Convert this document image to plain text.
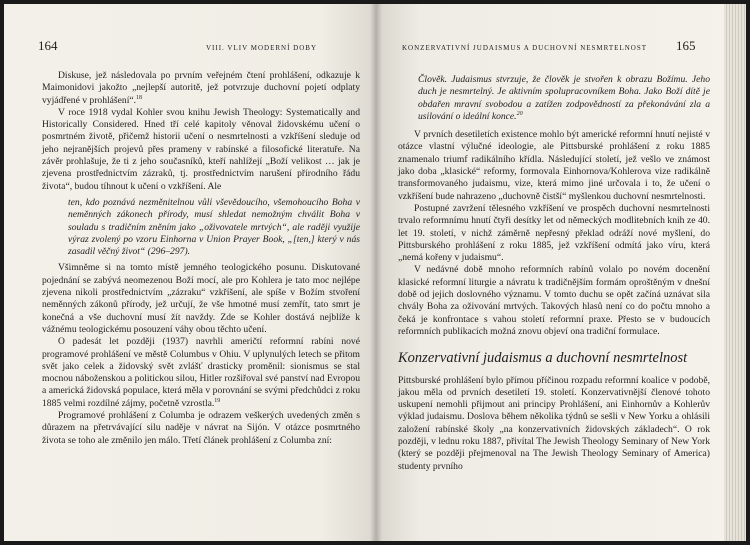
164	VIII. VLIV MODERNÍ DOBY

Diskuse, jež následovala po prvním veřejném čtení prohlášení, odkazuje k Maimonidovi jakožto „nejlepší autoritě, jež potvrzuje duchovní pojetí odplaty vyjádřené v prohlášení“.$^{18}$

V roce 1918 vydal Kohler svou knihu Jewish Theology: Systematically and Historically Considered. Hned tří celé kapitoly věnoval židovskému učení o posmrtném životě, přičemž historii učení o nesmrtelnosti a vzkříšení sleduje od jeho nejranějších projevů přes prameny v rabínské a filosofické literatuře. Na závěr prohlašuje, že ti z jeho současníků, kteří nahlížejí „Boží velikost … jak je zjevena prostřednictvím zázraků, tj. prostřednictvím narušení přírodního řádu života“, budou tíhnout k učení o vzkříšení. Ale

ten, kdo poznává nezměnitelnou vůli vševědoucího, všemohoucího Boha v neměnných zákonech přírody, musí shledat nemožným chválit Boha v souladu s tradičním zněním jako „oživovatele mrtvých“, ale raději využije výraz zvolený po vzoru Einhorna v Union Prayer Book, „[ten,] který v nás zasadil věčný život“ (296–297).

Všimněme si na tomto místě jemného teologického posunu. Diskutované pojednání se zabývá neomezenou Boží mocí, ale pro Kohlera je tato moc nejlépe zjevena nikoli prostřednictvím „zázraku“ vzkříšení, ale spíše v Božím stvoření neměnných zákonů přírody, jež určují, že vše hmotné musí zemřít, tato smrt je konečná a vše duchovní musí žít navždy. Zde se Kohler dostává nejblíže k vážnému teologickému posouzení váhy obou těchto učení.

O padesát let později (1937) navrhli američtí reformní rabíni nové programové prohlášení ve městě Columbus v Ohiu. V uplynulých letech se přitom svět jako celek a židovský svět zvlášť drasticky proměnil: sionismus se stal mocnou náboženskou a politickou silou, Hitler rozšiřoval své panství nad Evropou a americká židovská populace, která měla v porovnání se svými předchůdci z roku 1885 velmi rozdílné zájmy, početně vzrostla.$^{19}$

Programové prohlášení z Columba je odrazem veškerých uvedených změn s důrazem na přetrvávající silu naděje v návrat na Sijón. V otázce posmrtného života se toho ale změnilo jen málo. Třetí článek prohlášení z Columba zní:

KONZERVATIVNÍ JUDAISMUS A DUCHOVNÍ NESMRTELNOST 165

Člověk. Judaismus stvrzuje, že člověk je stvořen k obrazu Božímu. Jeho duch je nesmrtelný. Je aktivním spolupracovníkem Boha. Jako Boží dítě je obdařen mravní svobodou a zatížen zodpovědností za překonávání zla a usilování o ideální konce.$^{20}$

V prvních desetiletích existence mohlo být americké reformní hnutí nejisté v otázce vlastní výlučné ideologie, ale Pittsburské prohlášení z roku 1885 znamenalo triumf radikálního křídla. Následující století, jež vešlo ve známost jako doba „klasické“ reformy, formovala Einhornova/Kohlerova vize radikálně transformovaného judaismu, vize, která mimo jiné určovala i to, že učení o vzkříšení bude nahrazeno „duchovně čistší“ myšlenkou duchovní nesmrtelnosti.

Postupné zavržení tělesného vzkříšení ve prospěch duchovní nesmrtelnosti trvalo reformnímu hnutí čtyři desítky let od německých modlitebních knih ze 40. let 19. století, v nichž záměrně nepřesný překlad odráží nové myšlení, do Pittsburského prohlášení z roku 1885, jež vzkříšení odmítá jako víru, která „nemá kořeny v judaismu“.

V nedávné době mnoho reformních rabínů volalo po novém docenění klasické reformní liturgie a návratu k tradičnějším formám oproštěným v dnešní době od jejich doslovného významu. V tomto duchu se opět začíná uznávat sila chvály Boha za oživování mrtvých. Takových hlasů není co do počtu mnoho a čeká je konfrontace s vahou století reformní praxe. Přesto se v budoucích reformních publikacích možná znovu objeví ona tradiční formulace.

Konzervativní judaismus a duchovní nesmrtelnost

Pittsburské prohlášení bylo přímou příčinou rozpadu reformní koalice v podobě, jakou měla od prvních desetiletí 19. století. Konzervativnější členové tohoto uskupení nemohli přijmout ani principy Prohlášení, ani Einhornův a Kohlerův výklad judaismu. Doslova během několika týdnů se sešli v New Yorku a ohlásili založení rabínské školy „na konzervativních židovských základech“. O rok později, v lednu roku 1887, přivítal The Jewish Theology Seminary of New York (který se později přejmenoval na The Jewish Theology Seminary of America) studenty prvního
